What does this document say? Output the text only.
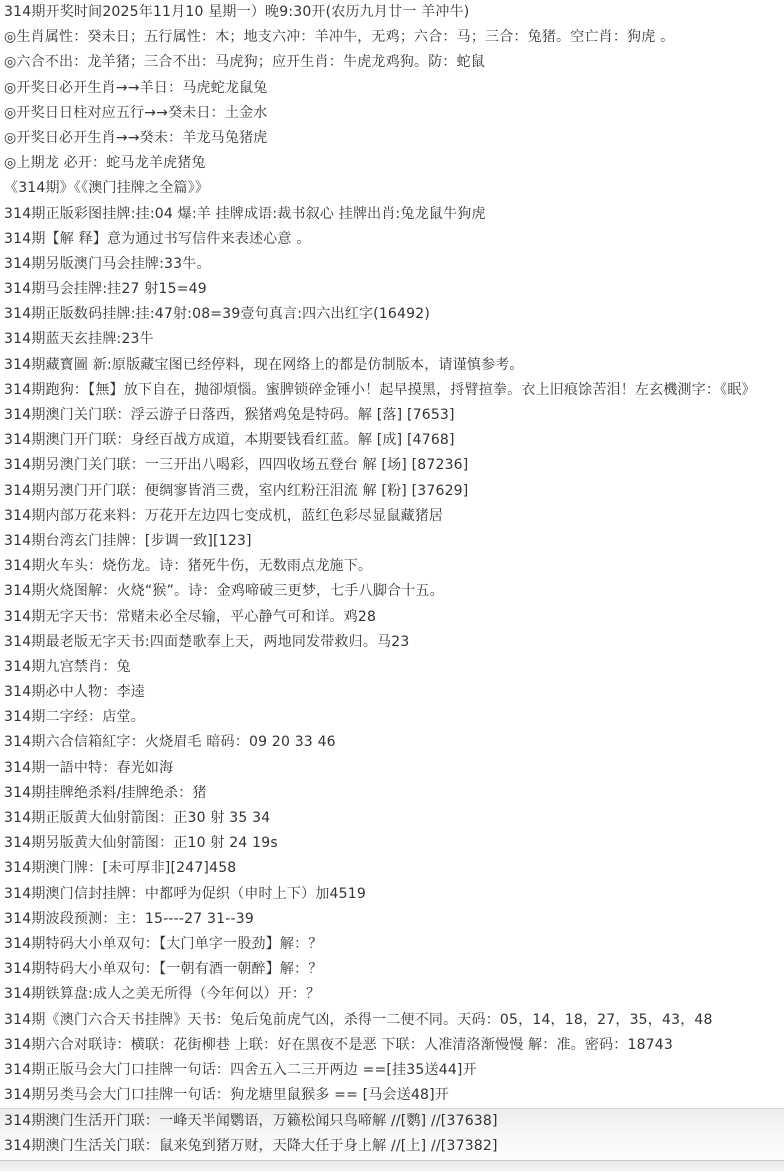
314期开奖时间2025年11月10 星期一）晚9:30开(农历九月廿一 羊冲牛)
◎生肖属性：癸未日；五行属性：木；地支六冲：羊冲牛，无鸡；六合：马；三合：兔猪。空亡肖：狗虎 。
◎六合不出：龙羊猪；三合不出：马虎狗；应开生肖：牛虎龙鸡狗。防：蛇鼠
◎开奖日必开生肖→→羊日：马虎蛇龙鼠兔
◎开奖日日柱对应五行→→癸未日：土金水
◎开奖日必开生肖→→癸未：羊龙马兔猪虎
◎上期龙 必开：蛇马龙羊虎猪兔
《314期》《《澳门挂牌之全篇》》
314期正版彩图挂牌:挂:04 爆:羊 挂牌成语:裁书叙心 挂牌出肖:兔龙鼠牛狗虎
314期【解 释】意为通过书写信件来表述心意 。
314期另版澳门马会挂牌:33牛。
314期马会挂牌:挂27 射15=49
314期正版数码挂牌:挂:47射:08=39壹句真言:四六出红字(16492)
314期蓝天玄挂牌:23牛
314期藏寳圖 新:原版藏宝图已经停料，现在网络上的都是仿制版本，请谨慎参考。
314期跑狗：【無】放下自在，抛卻煩惱。蜜脾锁碎金锤小！起早摸黑，捋臂揎拳。衣上旧痕馀苦泪！左玄機測字：《眠》
314期澳门关门联：浮云游子日落西，猴猪鸡兔是特码。解 [落] [7653]
314期澳门开门联：身经百战方成道，本期要钱看红蓝。解 [成] [4768]
314期另澳门关门联：一三开出八喝彩，四四收场五登台 解 [场] [87236]
314期另澳门开门联：便绸寥皆消三费，室内红粉汪泪流 解 [粉] [37629]
314期内部万花来料：万花开左边四七变成机，蓝红色彩尽显鼠藏猪居
314期台湾玄门挂牌：[步调一致][123]
314期火车头：烧伤龙。诗：猪死牛伤，无数雨点龙施下。
314期火烧图解：火烧“猴”。诗：金鸡啼破三更梦，七手八脚合十五。
314期无字天书：常赌未必全尽输，平心静气可和详。鸡28
314期最老版无字天书:四面楚歌奉上天，两地同发带救归。马23
314期九宫禁肖：兔
314期必中人物：李逵
314期二字经：店堂。
314期六合信箱紅字：火烧眉毛 暗码：09 20 33 46
314期一語中特：春光如海
314期挂牌绝杀料/挂牌绝杀：猪
314期正版黄大仙射箭图：正30 射 35 34
314期另版黄大仙射箭图：正10 射 24 19s
314期澳门牌：[未可厚非][247]458
314期澳门信封挂牌：中都呼为促织（申时上下）加4519
314期波段预测：主：15----27 31--39
314期特码大小单双句：【大门单字一股劲】解：？
314期特码大小单双句：【一朝有酒一朝醉】解：？
314期铁算盘:成人之美无所得（今年何以）开：？
314期《澳门六合天书挂牌》天书：兔后兔前虎气凶，杀得一二便不同。天码：05，14，18，27，35，43，48
314期六合对联诗：横联：花街柳巷 上联：好在黑夜不是恶 下联：人准清洛渐慢慢 解：准。密码：18743
314期正版马会大门口挂牌一句话：四舍五入二三开两边 ==[挂35送44]开
314期另类马会大门口挂牌一句话：狗龙塘里鼠猴多 == [马会送48]开
314期澳门生活开门联：一峰天半闻鹦语，万籁松闻只鸟啼解 //[鹦] //[37638]
314期澳门生活关门联：鼠来兔到猪万财，天降大任于身上解 //[上] //[37382]
